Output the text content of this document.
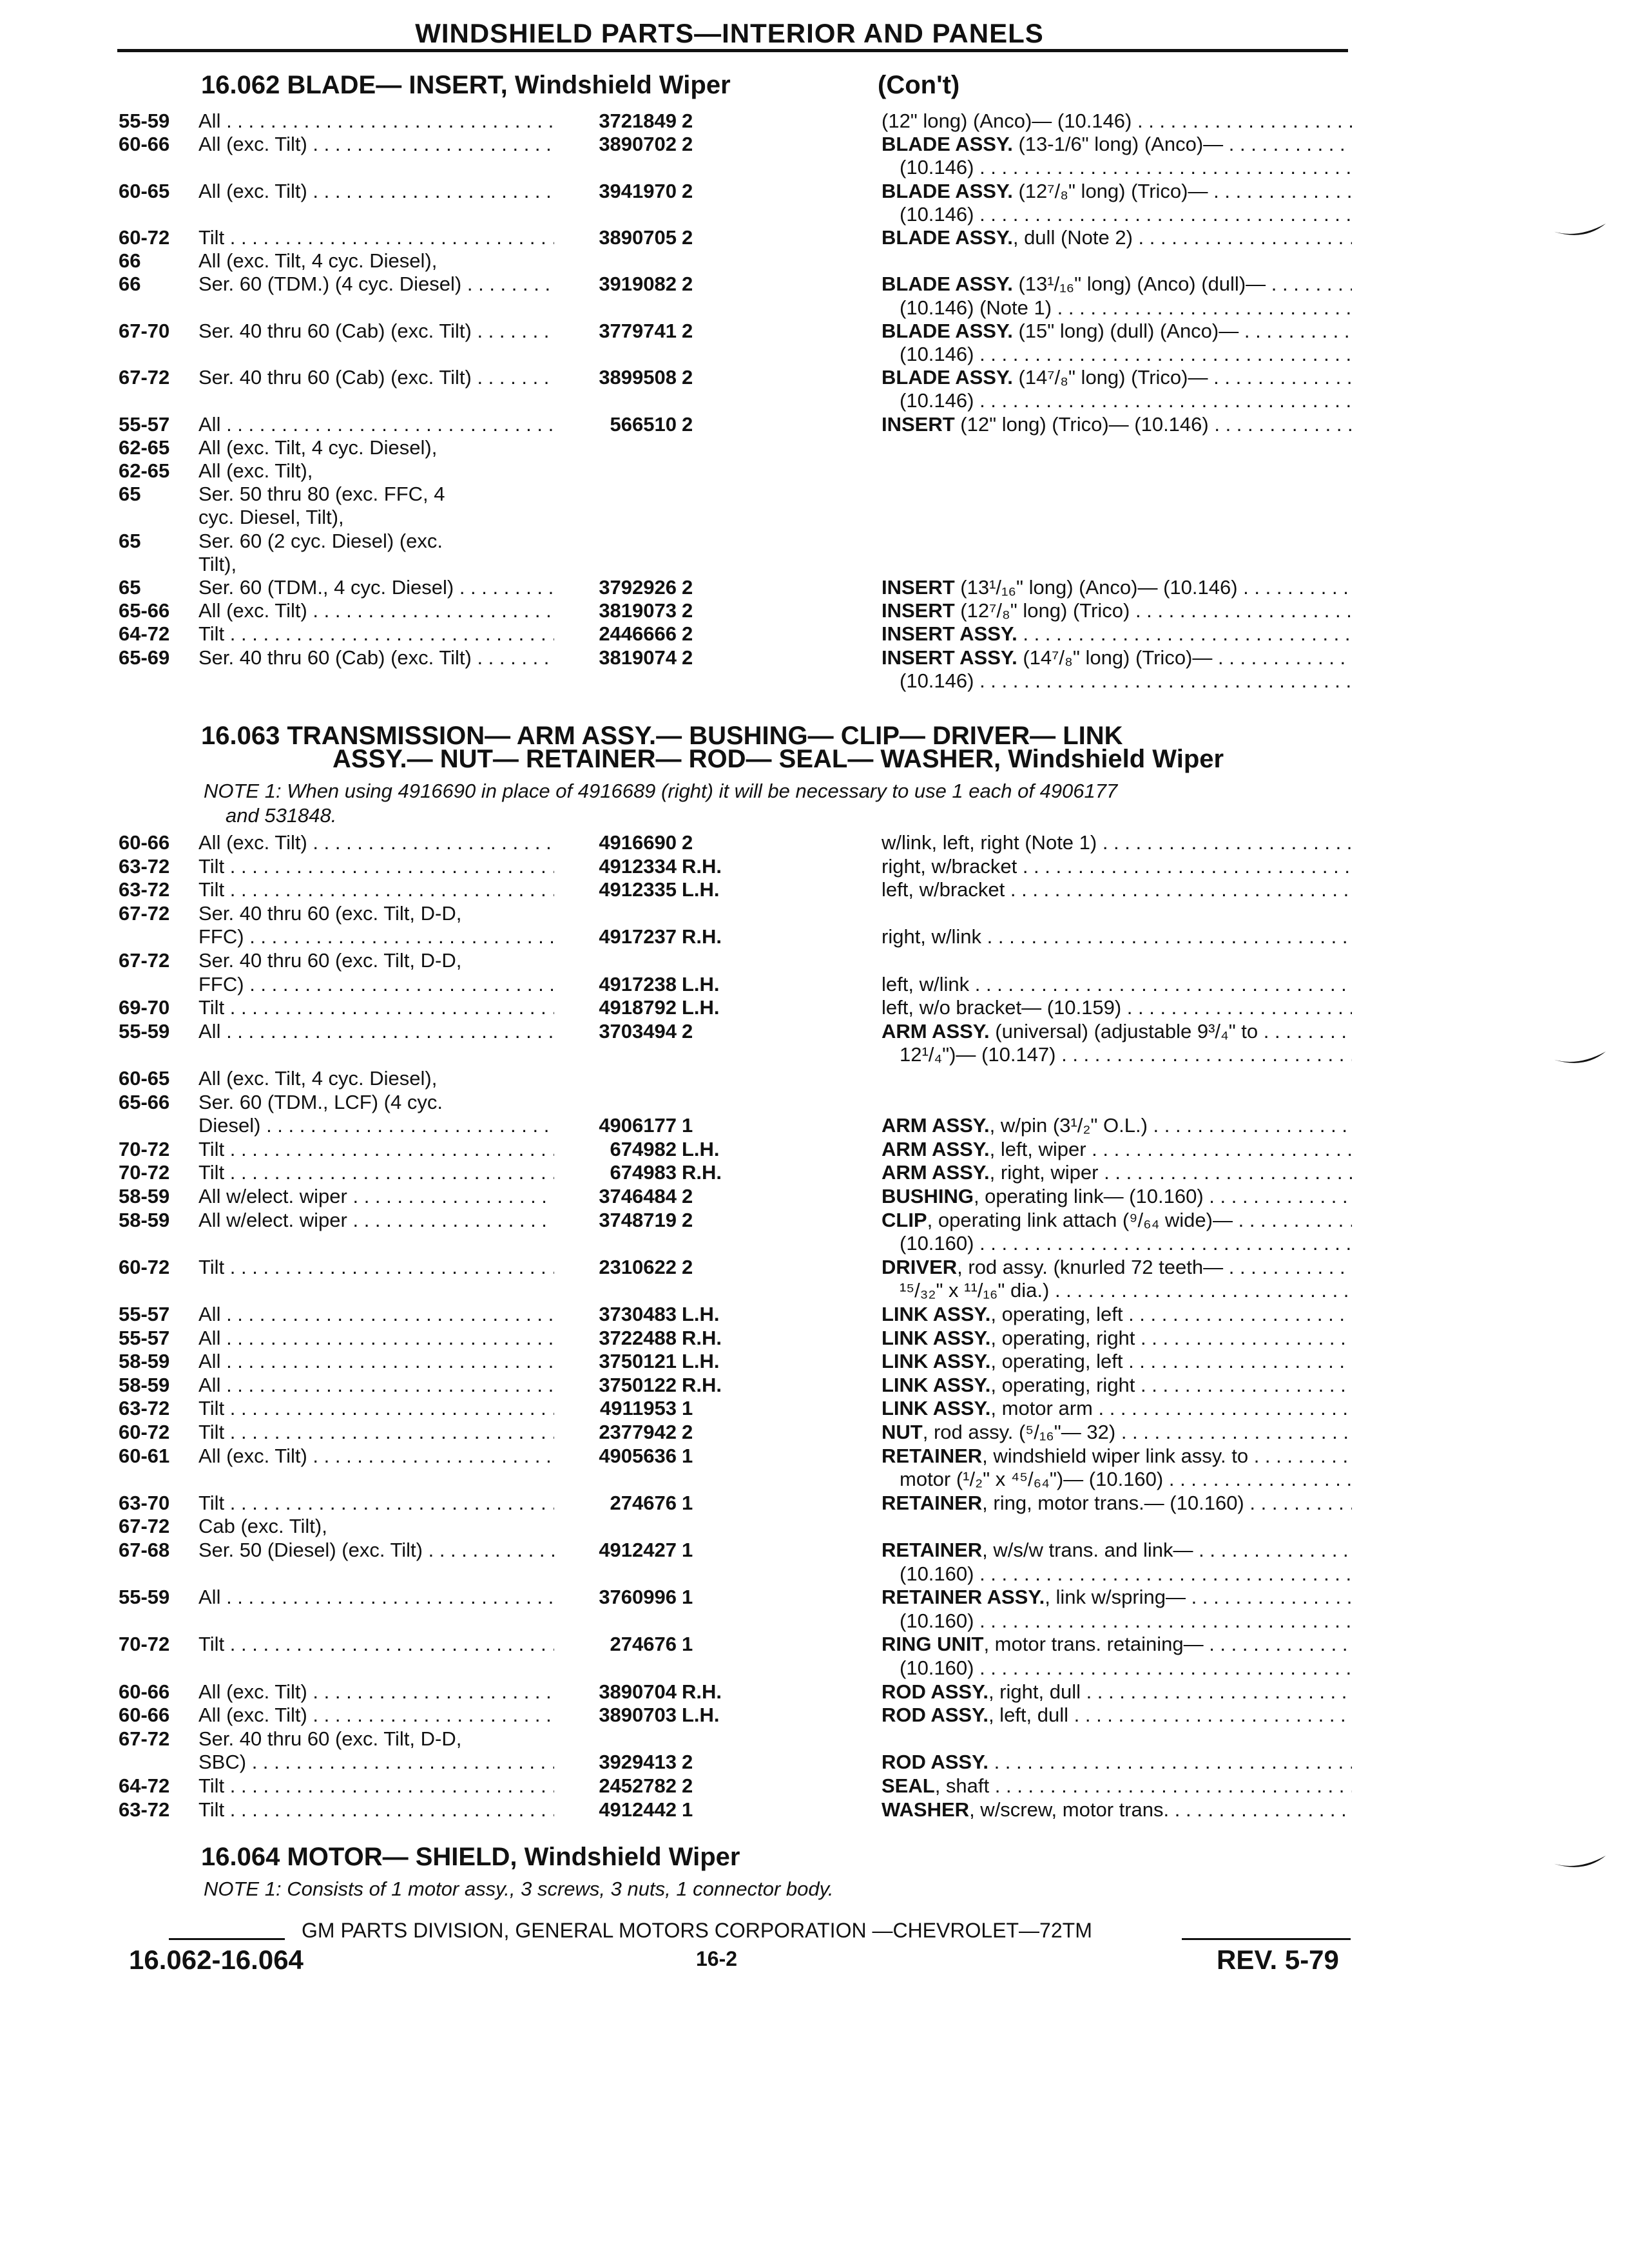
WINDSHIELD PARTS—INTERIOR AND PANELS
16.062 BLADE— INSERT, Windshield Wiper	(Con't)
55-59	All . . .	3721849 2	(12" long) (Anco)— (10.146) . . .
60-66	All (exc. Tilt) . . .	3890702 2	BLADE ASSY. (13-1/6" long) (Anco)— . . .
(10.146) . . .
60-65	All (exc. Tilt) . . .	3941970 2	BLADE ASSY. (12⁷/₈" long) (Trico)— . . .
(10.146) . . .
60-72	Tilt . . .	3890705 2	BLADE ASSY., dull (Note 2) . . .
66	All (exc. Tilt, 4 cyc. Diesel),
66	Ser. 60 (TDM.) (4 cyc. Diesel) . . .	3919082 2	BLADE ASSY. (13¹/₁₆" long) (Anco) (dull)— . . .
(10.146) (Note 1) . . .
67-70	Ser. 40 thru 60 (Cab) (exc. Tilt) . . .	3779741 2	BLADE ASSY. (15" long) (dull) (Anco)— . . .
(10.146) . . .
67-72	Ser. 40 thru 60 (Cab) (exc. Tilt) . . .	3899508 2	BLADE ASSY. (14⁷/₈" long) (Trico)— . . .
(10.146) . . .
55-57	All . . .	566510 2	INSERT (12" long) (Trico)— (10.146) . . .
62-65	All (exc. Tilt, 4 cyc. Diesel),
62-65	All (exc. Tilt),
65	Ser. 50 thru 80 (exc. FFC, 4
cyc. Diesel, Tilt),
65	Ser. 60 (2 cyc. Diesel) (exc.
Tilt),
65	Ser. 60 (TDM., 4 cyc. Diesel) . . .	3792926 2	INSERT (13¹/₁₆" long) (Anco)— (10.146) . . .
65-66	All (exc. Tilt) . . .	3819073 2	INSERT (12⁷/₈" long) (Trico) . . .
64-72	Tilt . . .	2446666 2	INSERT ASSY. . . .
65-69	Ser. 40 thru 60 (Cab) (exc. Tilt) . . .	3819074 2	INSERT ASSY. (14⁷/₈" long) (Trico)— . . .
(10.146) . . .
16.063 TRANSMISSION— ARM ASSY.— BUSHING— CLIP— DRIVER— LINK
ASSY.— NUT— RETAINER— ROD— SEAL— WASHER, Windshield Wiper
NOTE 1: When using 4916690 in place of 4916689 (right) it will be necessary to use 1 each of 4906177
and 531848.
60-66	All (exc. Tilt) . . .	4916690 2	w/link, left, right (Note 1) . . .
63-72	Tilt . . .	4912334 R.H.	right, w/bracket . . .
63-72	Tilt . . .	4912335 L.H.	left, w/bracket . . .
67-72	Ser. 40 thru 60 (exc. Tilt, D-D,
FFC) . . .	4917237 R.H.	right, w/link . . .
67-72	Ser. 40 thru 60 (exc. Tilt, D-D,
FFC) . . .	4917238 L.H.	left, w/link . . .
69-70	Tilt . . .	4918792 L.H.	left, w/o bracket— (10.159) . . .
55-59	All . . .	3703494 2	ARM ASSY. (universal) (adjustable 9³/₄" to . . .
12¹/₄")— (10.147) . . .
60-65	All (exc. Tilt, 4 cyc. Diesel),
65-66	Ser. 60 (TDM., LCF) (4 cyc.
Diesel) . . .	4906177 1	ARM ASSY., w/pin (3¹/₂" O.L.) . . .
70-72	Tilt . . .	674982 L.H.	ARM ASSY., left, wiper . . .
70-72	Tilt . . .	674983 R.H.	ARM ASSY., right, wiper . . .
58-59	All w/elect. wiper . . .	3746484 2	BUSHING, operating link— (10.160) . . .
58-59	All w/elect. wiper . . .	3748719 2	CLIP, operating link attach (⁹/₆₄ wide)— . . .
(10.160) . . .
60-72	Tilt . . .	2310622 2	DRIVER, rod assy. (knurled 72 teeth— . . .
¹⁵/₃₂" x ¹¹/₁₆" dia.) . . .
55-57	All . . .	3730483 L.H.	LINK ASSY., operating, left . . .
55-57	All . . .	3722488 R.H.	LINK ASSY., operating, right . . .
58-59	All . . .	3750121 L.H.	LINK ASSY., operating, left . . .
58-59	All . . .	3750122 R.H.	LINK ASSY., operating, right . . .
63-72	Tilt . . .	4911953 1	LINK ASSY., motor arm . . .
60-72	Tilt . . .	2377942 2	NUT, rod assy. (⁵/₁₆"— 32) . . .
60-61	All (exc. Tilt) . . .	4905636 1	RETAINER, windshield wiper link assy. to . . .
motor (¹/₂" x ⁴⁵/₆₄")— (10.160) . . .
63-70	Tilt . . .	274676 1	RETAINER, ring, motor trans.— (10.160) . . .
67-72	Cab (exc. Tilt),
67-68	Ser. 50 (Diesel) (exc. Tilt) . . .	4912427 1	RETAINER, w/s/w trans. and link— . . .
(10.160) . . .
55-59	All . . .	3760996 1	RETAINER ASSY., link w/spring— . . .
(10.160) . . .
70-72	Tilt . . .	274676 1	RING UNIT, motor trans. retaining— . . .
(10.160) . . .
60-66	All (exc. Tilt) . . .	3890704 R.H.	ROD ASSY., right, dull . . .
60-66	All (exc. Tilt) . . .	3890703 L.H.	ROD ASSY., left, dull . . .
67-72	Ser. 40 thru 60 (exc. Tilt, D-D,
SBC) . . .	3929413 2	ROD ASSY. . . .
64-72	Tilt . . .	2452782 2	SEAL, shaft . . .
63-72	Tilt . . .	4912442 1	WASHER, w/screw, motor trans. . . .
16.064 MOTOR— SHIELD, Windshield Wiper
NOTE 1: Consists of 1 motor assy., 3 screws, 3 nuts, 1 connector body.
GM PARTS DIVISION, GENERAL MOTORS CORPORATION —CHEVROLET—72TM
16.062-16.064	16-2	REV. 5-79
